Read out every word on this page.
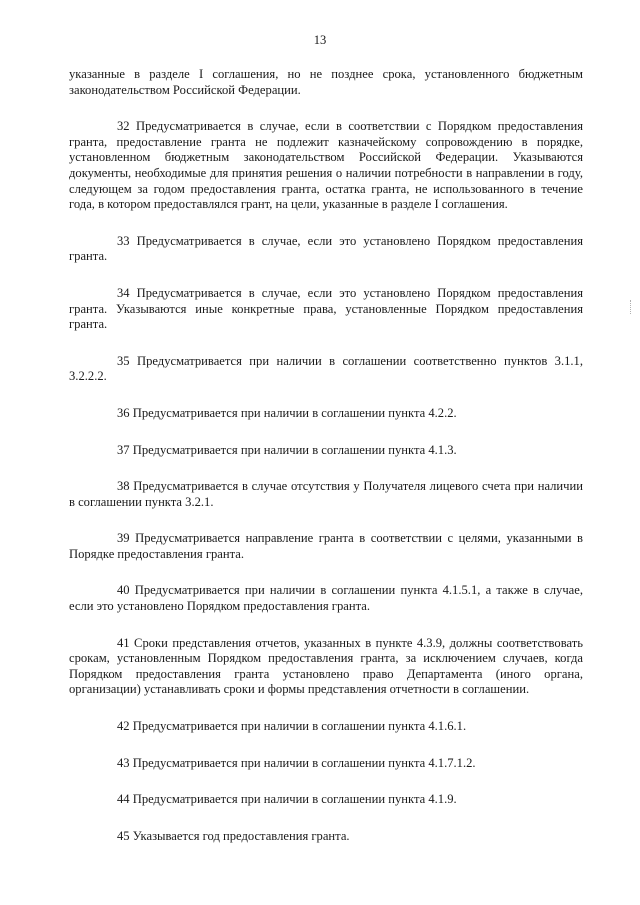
13

указанные в разделе I соглашения, но не позднее срока, установленного бюджетным законодательством Российской Федерации.

32 Предусматривается в случае, если в соответствии с Порядком предоставления гранта, предоставление гранта не подлежит казначейскому сопровождению в порядке, установленном бюджетным законодательством Российской Федерации. Указываются документы, необходимые для принятия решения о наличии потребности в направлении в году, следующем за годом предоставления гранта, остатка гранта, не использованного в течение года, в котором предоставлялся грант, на цели, указанные в разделе I соглашения.

33 Предусматривается в случае, если это установлено Порядком предоставления гранта.

34 Предусматривается в случае, если это установлено Порядком предоставления гранта. Указываются иные конкретные права, установленные Порядком предоставления гранта.

35 Предусматривается при наличии в соглашении соответственно пунктов 3.1.1, 3.2.2.2.

36 Предусматривается при наличии в соглашении пункта 4.2.2.

37 Предусматривается при наличии в соглашении пункта 4.1.3.

38 Предусматривается в случае отсутствия у Получателя лицевого счета при наличии в соглашении пункта 3.2.1.

39 Предусматривается направление гранта в соответствии с целями, указанными в Порядке предоставления гранта.

40 Предусматривается при наличии в соглашении пункта 4.1.5.1, а также в случае, если это установлено Порядком предоставления гранта.

41 Сроки представления отчетов, указанных в пункте 4.3.9, должны соответствовать срокам, установленным Порядком предоставления гранта, за исключением случаев, когда Порядком предоставления гранта установлено право Департамента (иного органа, организации) устанавливать сроки и формы представления отчетности в соглашении.

42 Предусматривается при наличии в соглашении пункта 4.1.6.1.

43 Предусматривается при наличии в соглашении пункта 4.1.7.1.2.

44 Предусматривается при наличии в соглашении пункта 4.1.9.

45 Указывается год предоставления гранта.
